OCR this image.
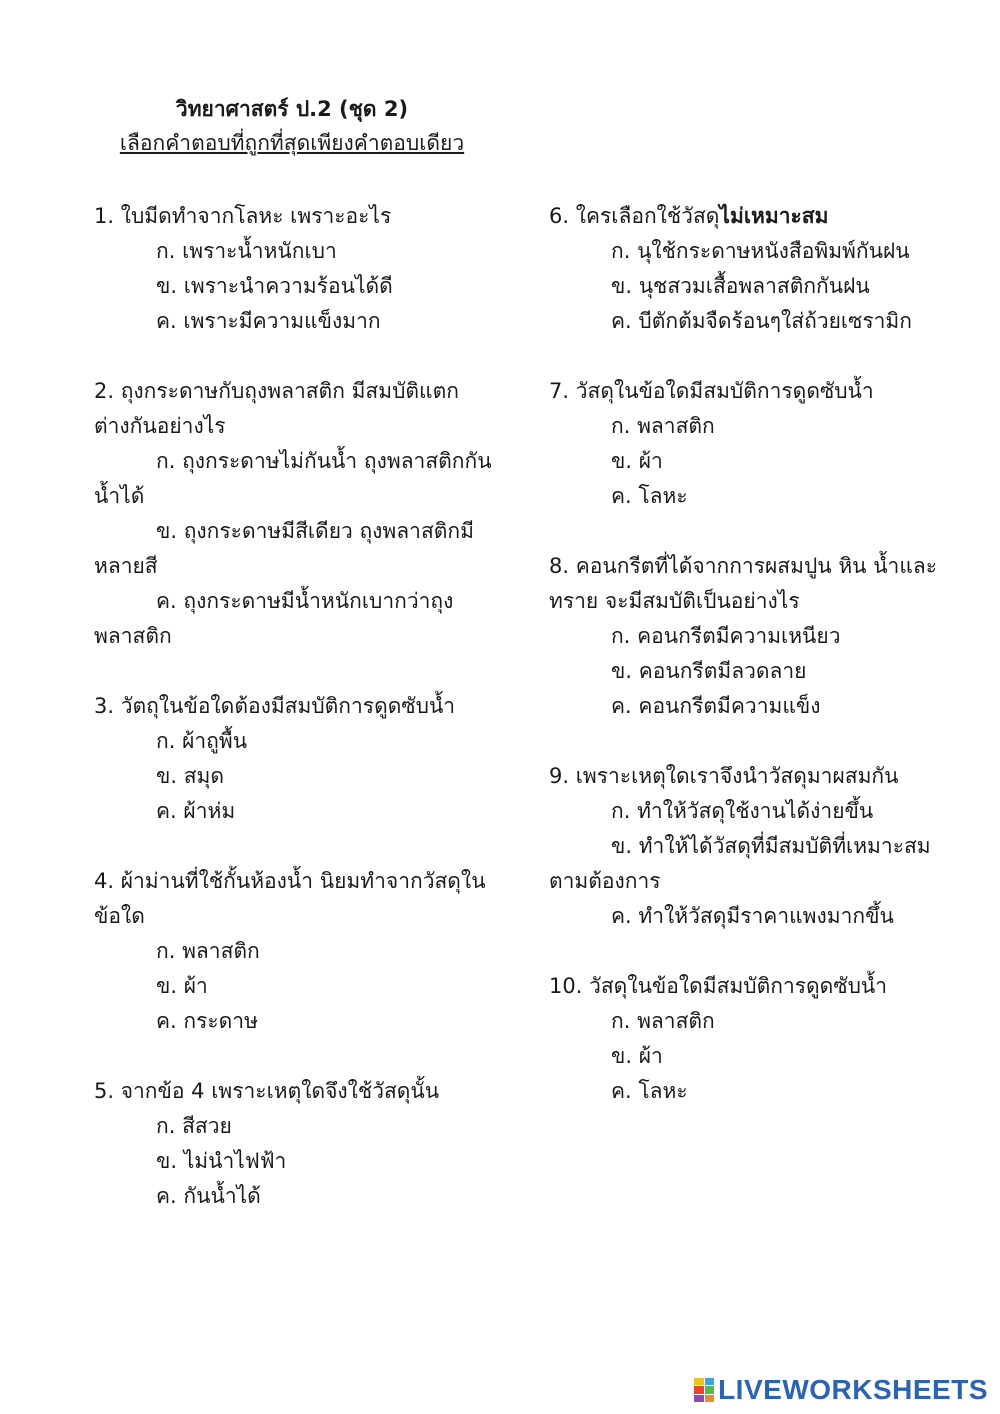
วิทยาศาสตร์ ป.2 (ชุด 2)
เลือกคำตอบที่ถูกที่สุดเพียงคำตอบเดียว

1. ใบมีดทำจากโลหะ เพราะอะไร

ก. เพราะน้ำหนักเบา

ข. เพราะนำความร้อนได้ดี

ค. เพราะมีความแข็งมาก

2. ถุงกระดาษกับถุงพลาสติก มีสมบัติแตกต่างกันอย่างไร

ก. ถุงกระดาษไม่กันน้ำ ถุงพลาสติกกันน้ำได้

ข. ถุงกระดาษมีสีเดียว ถุงพลาสติกมีหลายสี

ค. ถุงกระดาษมีน้ำหนักเบากว่าถุงพลาสติก

3. วัตถุในข้อใดต้องมีสมบัติการดูดซับน้ำ

ก. ผ้าถูพื้น

ข. สมุด

ค. ผ้าห่ม

4. ผ้าม่านที่ใช้กั้นห้องน้ำ นิยมทำจากวัสดุในข้อใด

ก. พลาสติก

ข. ผ้า

ค. กระดาษ

5. จากข้อ 4 เพราะเหตุใดจึงใช้วัสดุนั้น

ก. สีสวย

ข. ไม่นำไฟฟ้า

ค. กันน้ำได้

6. ใครเลือกใช้วัสดุไม่เหมาะสม

ก. นุใช้กระดาษหนังสือพิมพ์กันฝน

ข. นุชสวมเสื้อพลาสติกกันฝน

ค. บีตักต้มจืดร้อนๆใส่ถ้วยเซรามิก

7. วัสดุในข้อใดมีสมบัติการดูดซับน้ำ

ก. พลาสติก

ข. ผ้า

ค. โลหะ

8. คอนกรีตที่ได้จากการผสมปูน หิน น้ำและทราย จะมีสมบัติเป็นอย่างไร

ก. คอนกรีตมีความเหนียว

ข. คอนกรีตมีลวดลาย

ค. คอนกรีตมีความแข็ง

9. เพราะเหตุใดเราจึงนำวัสดุมาผสมกัน

ก. ทำให้วัสดุใช้งานได้ง่ายขึ้น

ข. ทำให้ได้วัสดุที่มีสมบัติที่เหมาะสมตามต้องการ

ค. ทำให้วัสดุมีราคาแพงมากขึ้น

10. วัสดุในข้อใดมีสมบัติการดูดซับน้ำ

ก. พลาสติก

ข. ผ้า

ค. โลหะ

LIVEWORKSHEETS
